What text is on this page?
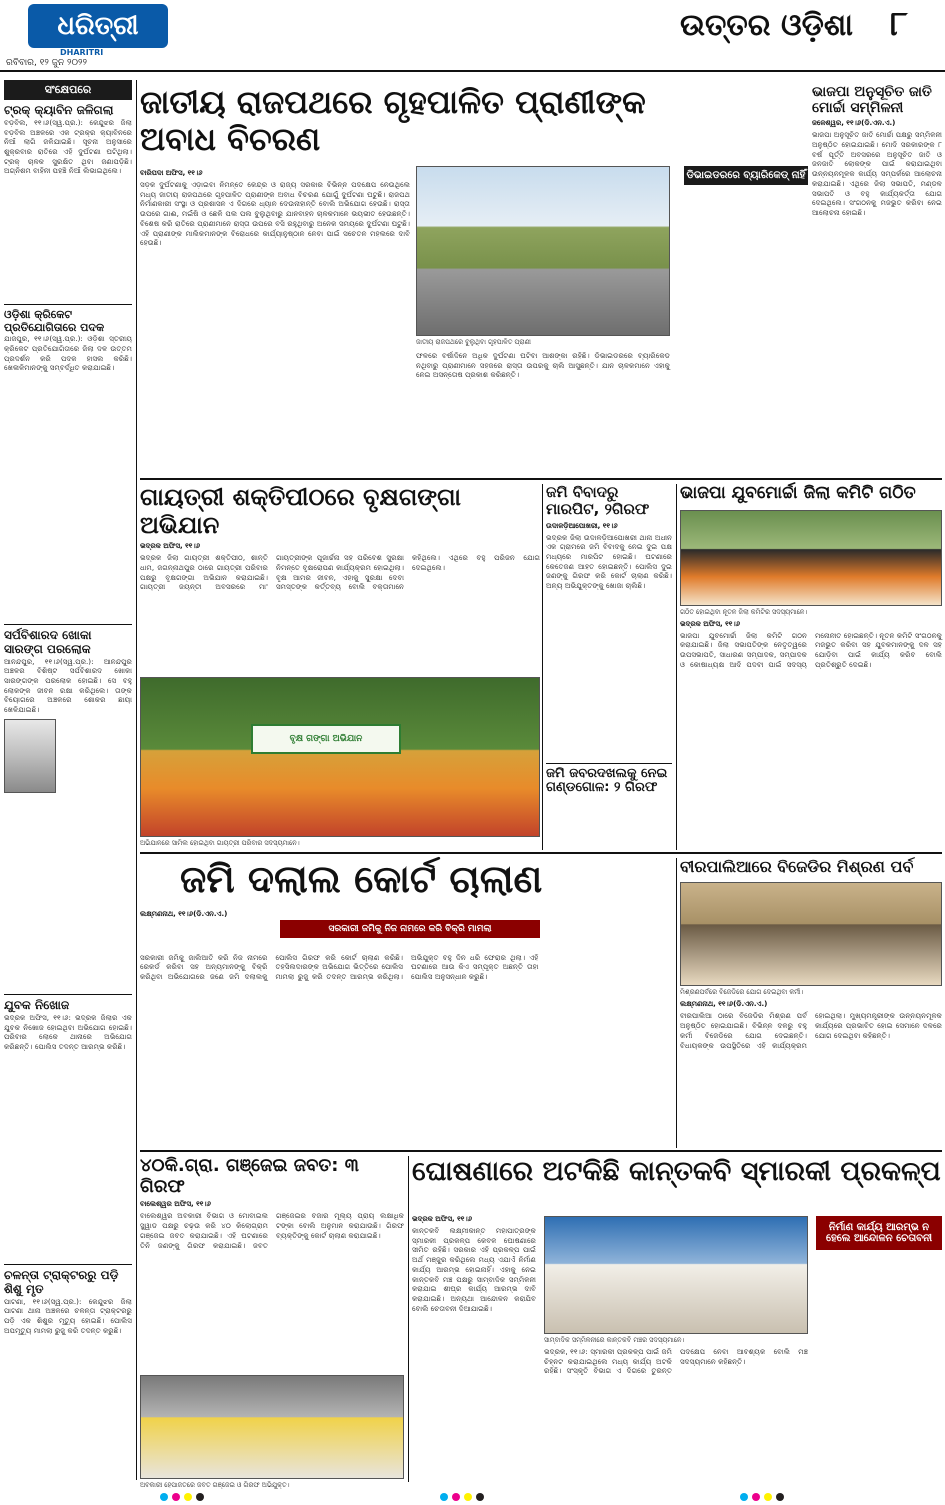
ଧରିତ୍ରୀ
DHARITRI
ରବିବାର, ୧୨ ଜୁନ ୨୦୨୨
ଉତ୍ତର ଓଡ଼ିଶା ୮
ସଂକ୍ଷେପରେ
ଟ୍ରକ୍ କ୍ୟାବିନ ଜଳିଗଲା
ବଡ଼ବିଲ, ୧୧।୬(ସ୍ୱ.ପ୍ର.): କେନ୍ଦୁଝର ଜିଲା ବଡ଼ବିଲ ଅଞ୍ଚଳରେ ଏକ ଟ୍ରକ୍‌ର କ୍ୟାବିନରେ ନିଆଁ ଲାଗି ଜଳିଯାଇଛି। ସୂଚନା ଅନୁସାରେ ଶୁକ୍ରବାର ରାତିରେ ଏହି ଦୁର୍ଘଟଣା ଘଟିଥିଲା। ଟ୍ରକ୍ ଚାଳକ ସୁରକ୍ଷିତ ଥିବା ଜଣାପଡ଼ିଛି। ଅଗ୍ନିଶମ ବାହିନୀ ପହଞ୍ଚି ନିଆଁ ଲିଭାଇଥିଲେ।
ଓଡ଼ିଶା କ୍ରିକେଟ ପ୍ରତିଯୋଗିତାରେ ପଦକ
ଯାଜପୁର, ୧୧।୬(ସ୍ୱ.ପ୍ର.): ଓଡ଼ିଶା ସ୍ତରୀୟ କ୍ରିକେଟ ପ୍ରତିଯୋଗିତାରେ ଜିଲା ଦଳ ଉତ୍ତମ ପ୍ରଦର୍ଶନ କରି ପଦକ ହାସଲ କରିଛି। ଖେଳାଳିମାନଙ୍କୁ ସମ୍ବର୍ଦ୍ଧିତ କରାଯାଇଛି।
ସର୍ପବିଶାରଦ ଖୋକା ସାରଙ୍ଗ ପରଲୋକ
ଆନନ୍ଦପୁର, ୧୧।୬(ସ୍ୱ.ପ୍ର.): ଆନନ୍ଦପୁର ଅଞ୍ଚଳର ବିଶିଷ୍ଟ ସର୍ପବିଶାରଦ ଖୋକା ସାରଙ୍ଗଙ୍କ ପରଲୋକ ହୋଇଛି। ସେ ବହୁ ଲୋକଙ୍କ ଜୀବନ ରକ୍ଷା କରିଥିଲେ। ତାଙ୍କ ବିୟୋଗରେ ଅଞ୍ଚଳରେ ଶୋକର ଛାୟା ଖେଳିଯାଇଛି।
ଯୁବକ ନିଖୋଜ
ଭଦ୍ରକ ଅଫିସ, ୧୧।୬: ଭଦ୍ରକ ଜିଲାର ଏକ ଯୁବକ ନିଖୋଜ ହୋଇଥିବା ଅଭିଯୋଗ ହୋଇଛି। ପରିବାର ଲୋକେ ଥାନାରେ ଅଭିଯୋଗ କରିଛନ୍ତି। ପୋଲିସ ତଦନ୍ତ ଆରମ୍ଭ କରିଛି।
ଚଳନ୍ତା ଟ୍ରାକ୍ଟରରୁ ପଡ଼ି ଶିଶୁ ମୃତ
ପାଟଣା, ୧୧।୬(ସ୍ୱ.ପ୍ର.): କେନ୍ଦୁଝର ଜିଲା ପାଟଣା ଥାନା ଅଞ୍ଚଳରେ ଚଳନ୍ତା ଟ୍ରାକ୍ଟରରୁ ପଡ଼ି ଏକ ଶିଶୁର ମୃତ୍ୟୁ ହୋଇଛି। ପୋଲିସ ଅପମୃତ୍ୟୁ ମାମଲା ରୁଜୁ କରି ତଦନ୍ତ କରୁଛି।
ଜାତୀୟ ରାଜପଥରେ ଗୃହପାଳିତ ପ୍ରାଣୀଙ୍କ ଅବାଧ ବିଚରଣ
ବାରିପଦା ଅଫିସ, ୧୧।୬
ସଡ଼କ ଦୁର୍ଘଟଣାକୁ ଏଡ଼ାଇବା ନିମନ୍ତେ କେନ୍ଦ୍ର ଓ ରାଜ୍ୟ ସରକାର ବିଭିନ୍ନ ପଦକ୍ଷେପ ନେଉଥିଲେ ମଧ୍ୟ ଜାତୀୟ ରାଜପଥରେ ଗୃହପାଳିତ ପ୍ରାଣୀଙ୍କ ଅବାଧ ବିଚରଣ ଯୋଗୁଁ ଦୁର୍ଘଟଣା ଘଟୁଛି। ରାଜପଥ ନିର୍ମାଣକାରୀ ସଂସ୍ଥା ଓ ପ୍ରଶାସନ ଏ ଦିଗରେ ଧ୍ୟାନ ଦେଉନାହାନ୍ତି ବୋଲି ଅଭିଯୋଗ ହେଉଛି। ରାସ୍ତା ଉପରେ ଗାଈ, ମଇଁଷି ଓ ଛେଳି ପଲ ପଲ ବୁଲୁଥିବାରୁ ଯାନବାହନ ଚାଳକମାନେ ଭୟଭୀତ ହେଉଛନ୍ତି। ବିଶେଷ କରି ରାତିରେ ପ୍ରାଣୀମାନେ ରାସ୍ତା ଉପରେ ବସି ରହୁଥିବାରୁ ଅନେକ ସମୟରେ ଦୁର୍ଘଟଣା ଘଟୁଛି। ଏହି ପ୍ରାଣୀଙ୍କ ମାଲିକମାନଙ୍କ ବିରୋଧରେ କାର୍ଯ୍ୟାନୁଷ୍ଠାନ ନେବା ପାଇଁ ସଚେତନ ମହଲରେ ଦାବି ହେଉଛି।
ଜାତୀୟ ରାଜପଥରେ ବୁଲୁଥିବା ଗୃହପାଳିତ ପ୍ରାଣୀ
ଫଳରେ ବର୍ଷାଦିନେ ଅଧିକ ଦୁର୍ଘଟଣା ଘଟିବା ଆଶଙ୍କା ରହିଛି। ଡିଭାଇଡରରେ ବ୍ୟାରିକେଡ ନଥିବାରୁ ପ୍ରାଣୀମାନେ ସହଜରେ ରାସ୍ତା ଉପରକୁ ଚାଲି ଆସୁଛନ୍ତି। ଯାନ ଚାଳକମାନେ ଏହାକୁ ନେଇ ଅସନ୍ତୋଷ ପ୍ରକାଶ କରିଛନ୍ତି।
ଡିଭାଇଡରରେ ବ୍ୟାରିକେଡ୍ ନାହିଁ
ଭାଜପା ଅନୁସୂଚିତ ଜାତି ମୋର୍ଚ୍ଚା ସମ୍ମିଳନୀ
ଜଳେଶ୍ୱର, ୧୧।୬(ଡି.ଏନ.ଏ.)
ଭାଜପା ଅନୁସୂଚିତ ଜାତି ମୋର୍ଚ୍ଚା ପକ୍ଷରୁ ସମ୍ମିଳନୀ ଅନୁଷ୍ଠିତ ହୋଇଯାଇଛି। ମୋଦି ସରକାରଙ୍କ ୮ ବର୍ଷ ପୂର୍ତ୍ତି ଅବସରରେ ଅନୁସୂଚିତ ଜାତି ଓ ଜନଜାତି ଲୋକଙ୍କ ପାଇଁ କରାଯାଇଥିବା ଉନ୍ନୟନମୂଳକ କାର୍ଯ୍ୟ ସମ୍ପର୍କରେ ଆଲୋଚନା କରାଯାଇଛି। ଏଥିରେ ଜିଲା ସଭାପତି, ମଣ୍ଡଳ ସଭାପତି ଓ ବହୁ କାର୍ଯ୍ୟକର୍ତ୍ତା ଯୋଗ ଦେଇଥିଲେ। ସଂଗଠନକୁ ମଜଭୁତ କରିବା ନେଇ ଆଲୋଚନା ହୋଇଛି।
ଗାୟତ୍ରୀ ଶକ୍ତିପୀଠରେ ବୃକ୍ଷଗଙ୍ଗା ଅଭିଯାନ
ଭଦ୍ରକ ଅଫିସ, ୧୧।୬
ଭଦ୍ରକ ଜିଲା ଗାୟତ୍ରୀ ଶକ୍ତିପୀଠ, ଶାନ୍ତି ଧାମ, ଜଗନ୍ନାଥପୁର ଠାରେ ଗାୟତ୍ରୀ ପରିବାର ପକ୍ଷରୁ ବୃକ୍ଷଗଙ୍ଗା ଅଭିଯାନ କରାଯାଇଛି। ଗାୟତ୍ରୀ ଜୟନ୍ତୀ ଅବସରରେ ମା' ଗାୟତ୍ରୀଙ୍କ ପୂଜାର୍ଚ୍ଚନା ସହ ପରିବେଶ ସୁରକ୍ଷା ନିମନ୍ତେ ବୃକ୍ଷରୋପଣ କାର୍ଯ୍ୟକ୍ରମ ହୋଇଥିଲା। ବୃକ୍ଷ ଆମର ଜୀବନ, ଏହାକୁ ସୁରକ୍ଷା ଦେବା ସମସ୍ତଙ୍କ କର୍ତ୍ତବ୍ୟ ବୋଲି ବକ୍ତାମାନେ କହିଥିଲେ। ଏଥିରେ ବହୁ ପରିଜନ ଯୋଗ ଦେଇଥିଲେ।
ବୃକ୍ଷ ଗଙ୍ଗା ଅଭିଯାନ
ଅଭିଯାନରେ ସାମିଲ ହୋଇଥିବା ଗାୟତ୍ରୀ ପରିବାର ସଦସ୍ୟମାନେ।
ଜମି ବିବାଦରୁ ମାରପିଟ, ୨ଗିରଫ
ଉଦାଳଡ଼ିଆପୋଖରୀ, ୧୧।୬
ଭଦ୍ରକ ଜିଲା ଉଦାଳଡ଼ିଆପୋଖରୀ ଥାନା ଅଧୀନ ଏକ ଗ୍ରାମରେ ଜମି ବିବାଦକୁ ନେଇ ଦୁଇ ପକ୍ଷ ମଧ୍ୟରେ ମାରପିଟ ହୋଇଛି। ଘଟଣାରେ କେତେଜଣ ଆହତ ହୋଇଛନ୍ତି। ପୋଲିସ ଦୁଇ ଜଣଙ୍କୁ ଗିରଫ କରି କୋର୍ଟ ଚାଲାଣ କରିଛି। ଅନ୍ୟ ଅଭିଯୁକ୍ତଙ୍କୁ ଖୋଜା ଚାଲିଛି।
ଜମି ଜବରଦଖଲକୁ ନେଇ ଗଣ୍ଡଗୋଳ: ୨ ଗିରଫ
ଭାଜପା ଯୁବମୋର୍ଚ୍ଚା ଜିଲା କମିଟି ଗଠିତ
ଗଠିତ ହୋଇଥିବା ନୂତନ ଜିଲା କମିଟିର ସଦସ୍ୟମାନେ।
ଭଦ୍ରକ ଅଫିସ, ୧୧।୬
ଭାଜପା ଯୁବମୋର୍ଚ୍ଚା ଜିଲା କମିଟି ଗଠନ କରାଯାଇଛି। ଜିଲା ସଭାପତିଙ୍କ ନେତୃତ୍ୱରେ ଉପସଭାପତି, ସାଧାରଣ ସମ୍ପାଦକ, ସମ୍ପାଦକ ଓ କୋଷାଧ୍ୟକ୍ଷ ଆଦି ପଦବୀ ପାଇଁ ସଦସ୍ୟ ମନୋନୀତ ହୋଇଛନ୍ତି। ନୂତନ କମିଟି ସଂଗଠନକୁ ମଜଭୁତ କରିବା ସହ ଯୁବକମାନଙ୍କୁ ଦଳ ସହ ଯୋଡ଼ିବା ପାଇଁ କାର୍ଯ୍ୟ କରିବ ବୋଲି ପ୍ରତିଶ୍ରୁତି ଦେଇଛି।
ଜମି ଦଲାଲ କୋର୍ଟ ଚାଲାଣ
ଲକ୍ଷ୍ମଣନାଥ, ୧୧।୬(ଡି.ଏନ.ଏ.)
ସରକାରୀ ଜମିକୁ ନିଜ ନାମରେ କରି ବିକ୍ରି ମାମଲା
ସରକାରୀ ଜମିକୁ ଜାଲିଆତି କରି ନିଜ ନାମରେ ରେକର୍ଡ କରିବା ସହ ଅନ୍ୟମାନଙ୍କୁ ବିକ୍ରି କରିଥିବା ଅଭିଯୋଗରେ ଜଣେ ଜମି ଦଲାଲକୁ ପୋଲିସ ଗିରଫ କରି କୋର୍ଟ ଚାଲାଣ କରିଛି। ତହସିଲଦାରଙ୍କ ଅଭିଯୋଗ ଭିତ୍ତିରେ ପୋଲିସ ମାମଲା ରୁଜୁ କରି ତଦନ୍ତ ଆରମ୍ଭ କରିଥିଲା। ଅଭିଯୁକ୍ତ ବହୁ ଦିନ ଧରି ଫେରାର ଥିଲା। ଏହି ଘଟଣାରେ ଆଉ କିଏ ସମ୍ପୃକ୍ତ ଅଛନ୍ତି ତାହା ପୋଲିସ ଅନୁସନ୍ଧାନ କରୁଛି।
ବୀରପାଲିଆରେ ବିଜେଡିର ମିଶ୍ରଣ ପର୍ବ
ମିଶ୍ରଣପର୍ବରେ ବିଜେଡିରେ ଯୋଗ ଦେଇଥିବା କର୍ମୀ।
ଲକ୍ଷ୍ମଣନାଥ, ୧୧।୬(ଡି.ଏନ.ଏ.)
ବୀରପାଲିଆ ଠାରେ ବିଜେଡିର ମିଶ୍ରଣ ପର୍ବ ଅନୁଷ୍ଠିତ ହୋଇଯାଇଛି। ବିଭିନ୍ନ ଦଳରୁ ବହୁ କର୍ମୀ ବିଜେଡିରେ ଯୋଗ ଦେଇଛନ୍ତି। ବିଧାୟକଙ୍କ ଉପସ୍ଥିତିରେ ଏହି କାର୍ଯ୍ୟକ୍ରମ ହୋଇଥିଲା। ମୁଖ୍ୟମନ୍ତ୍ରୀଙ୍କ ଉନ୍ନୟନମୂଳକ କାର୍ଯ୍ୟରେ ପ୍ରଭାବିତ ହୋଇ ସେମାନେ ଦଳରେ ଯୋଗ ଦେଇଥିବା କହିଛନ୍ତି।
୪୦କି.ଗ୍ରା. ଗଞ୍ଜେଇ ଜବତ: ୩ ଗିରଫ
ବାଲେଶ୍ୱର ଅଫିସ, ୧୧।୬
ବାଲେଶ୍ୱର ଅବକାରୀ ବିଭାଗ ଓ ମୋବାଇଲ ସ୍କ୍ୱାଡ ପକ୍ଷରୁ ଚଢ଼ଉ କରି ୪୦ କିଲୋଗ୍ରାମ ଗଞ୍ଜେଇ ଜବତ କରାଯାଇଛି। ଏହି ଘଟଣାରେ ତିନି ଜଣଙ୍କୁ ଗିରଫ କରାଯାଇଛି। ଜବତ ଗଞ୍ଜେଇର ବଜାର ମୂଲ୍ୟ ପ୍ରାୟ ଲକ୍ଷାଧିକ ଟଙ୍କା ବୋଲି ଅନୁମାନ କରାଯାଉଛି। ଗିରଫ ବ୍ୟକ୍ତିଙ୍କୁ କୋର୍ଟ ଚାଲାଣ କରାଯାଇଛି।
ଅବକାରୀ ହେପାଜତରେ ଜବତ ଗଞ୍ଜେଇ ଓ ଗିରଫ ଅଭିଯୁକ୍ତ।
ଘୋଷଣାରେ ଅଟକିଛି କାନ୍ତକବି ସ୍ମାରକୀ ପ୍ରକଳ୍ପ
ଭଦ୍ରକ ଅଫିସ, ୧୧।୬
କାନ୍ତକବି ଲକ୍ଷ୍ମୀକାନ୍ତ ମହାପାତ୍ରଙ୍କ ସ୍ମାରକୀ ପ୍ରକଳ୍ପ କେବଳ ଘୋଷଣାରେ ସୀମିତ ରହିଛି। ସରକାର ଏହି ପ୍ରକଳ୍ପ ପାଇଁ ଅର୍ଥ ମଞ୍ଜୁର କରିଥିଲେ ମଧ୍ୟ ଏଯାଏଁ ନିର୍ମାଣ କାର୍ଯ୍ୟ ଆରମ୍ଭ ହୋଇନାହିଁ। ଏହାକୁ ନେଇ କାନ୍ତକବି ମଞ୍ଚ ପକ୍ଷରୁ ସାମ୍ବାଦିକ ସମ୍ମିଳନୀ କରାଯାଇ ଶୀଘ୍ର କାର୍ଯ୍ୟ ଆରମ୍ଭ ଦାବି କରାଯାଇଛି। ଅନ୍ୟଥା ଆନ୍ଦୋଳନ କରାଯିବ ବୋଲି ଚେତାବନୀ ଦିଆଯାଇଛି।
ସାମ୍ବାଦିକ ସମ୍ମିଳନୀରେ କାନ୍ତକବି ମଞ୍ଚର ସଦସ୍ୟମାନେ।
ଭଦ୍ରକ, ୧୧।୬: ସ୍ମାରକୀ ପ୍ରକଳ୍ପ ପାଇଁ ଜମି ଚିହ୍ନଟ କରାଯାଇଥିଲେ ମଧ୍ୟ କାର୍ଯ୍ୟ ଅଟକି ରହିଛି। ସଂସ୍କୃତି ବିଭାଗ ଏ ଦିଗରେ ତୁରନ୍ତ ପଦକ୍ଷେପ ନେବା ଆବଶ୍ୟକ ବୋଲି ମଞ୍ଚ ସଦସ୍ୟମାନେ କହିଛନ୍ତି।
ନିର୍ମାଣ କାର୍ଯ୍ୟ ଆରମ୍ଭ ନ ହେଲେ ଆନ୍ଦୋଳନ ଚେତାବନୀ
